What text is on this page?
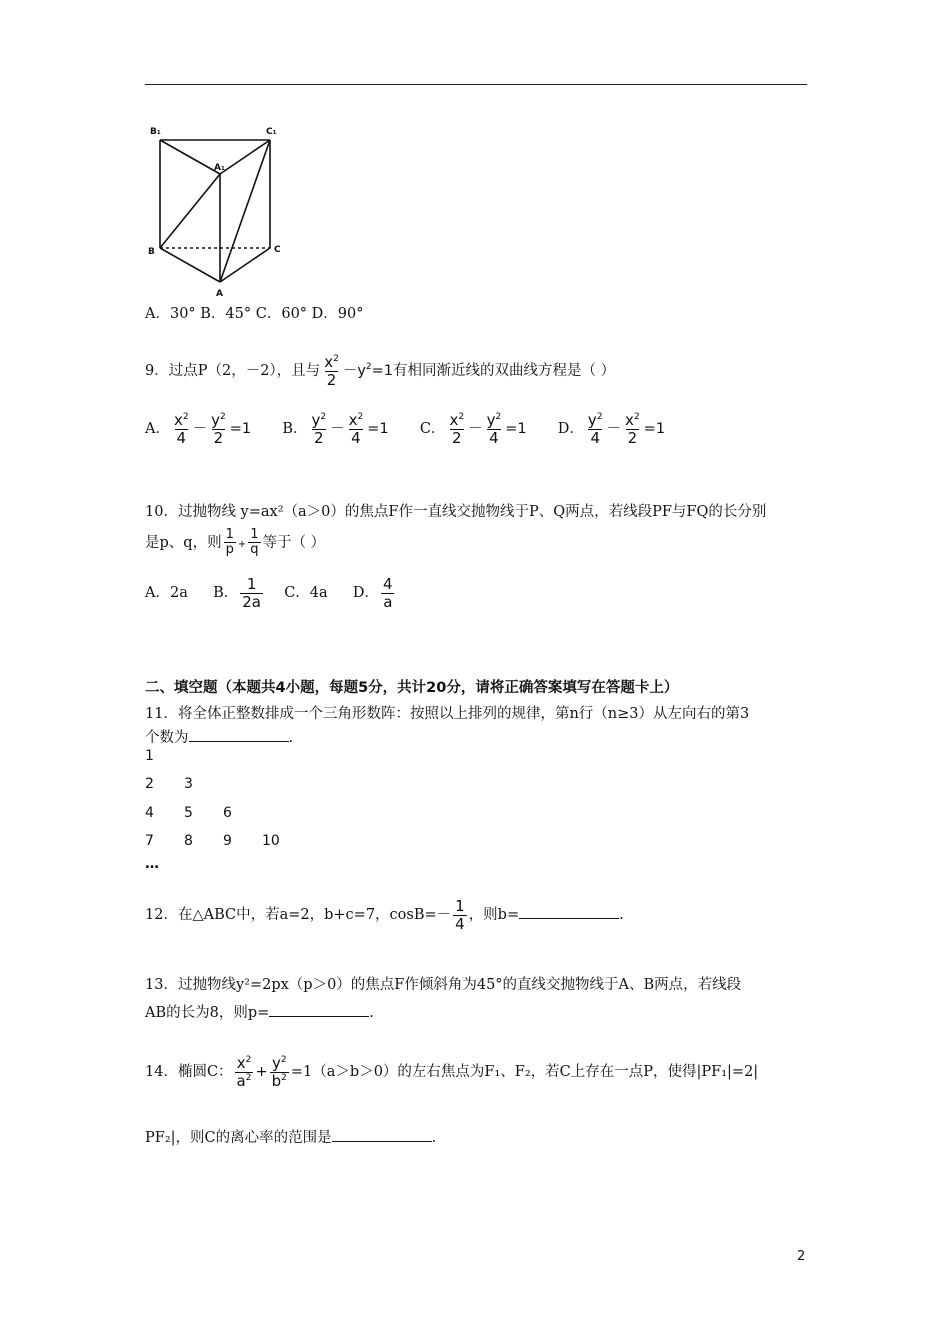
B₁	C₁
A₁
B	C
A
A．30° B．45° C．60° D．90°
9．过点P（2，－2），且与 $\frac{x^2}{2} -y^2=1$有相同渐近线的双曲线方程是（ ）
A． $\frac{x^2}{4} - \frac{y^2}{2} =1$ B． $\frac{y^2}{2} - \frac{x^2}{4} =1$ C． $\frac{x^2}{2} - \frac{y^2}{4} =1$ D． $\frac{y^2}{4} - \frac{x^2}{2} =1$
10．过抛物线 y=ax²（a＞0）的焦点F作一直线交抛物线于P、Q两点，若线段PF与FQ的长分别
是p、q，则 $\frac{1}{p} + \frac{1}{q}$ 等于（ ）
A．2a B． $\frac{1}{2a}$ C．4a D． $\frac{4}{a}$
二、填空题（本题共4小题，每题5分，共计20分，请将正确答案填写在答题卡上）
11．将全体正整数排成一个三角形数阵：按照以上排列的规律，第n行（n≥3）从左向右的第3
个数为	.
1
2 3
4 5 6
7 8 9 10
…
12．在△ABC中，若a=2，b+c=7，$\cos B=- \frac{1}{4}$ ，则b=	.
13．过抛物线y²=2px（p＞0）的焦点F作倾斜角为45°的直线交抛物线于A、B两点，若线段
AB的长为8，则p=	.
14．椭圆C： $\frac{x^2}{a^2} + \frac{y^2}{b^2} =1(a>b>0)$的左右焦点为F₁、F₂，若C上存在一点P，使得|PF₁|=2|
PF₂|，则C的离心率的范围是	.
2
